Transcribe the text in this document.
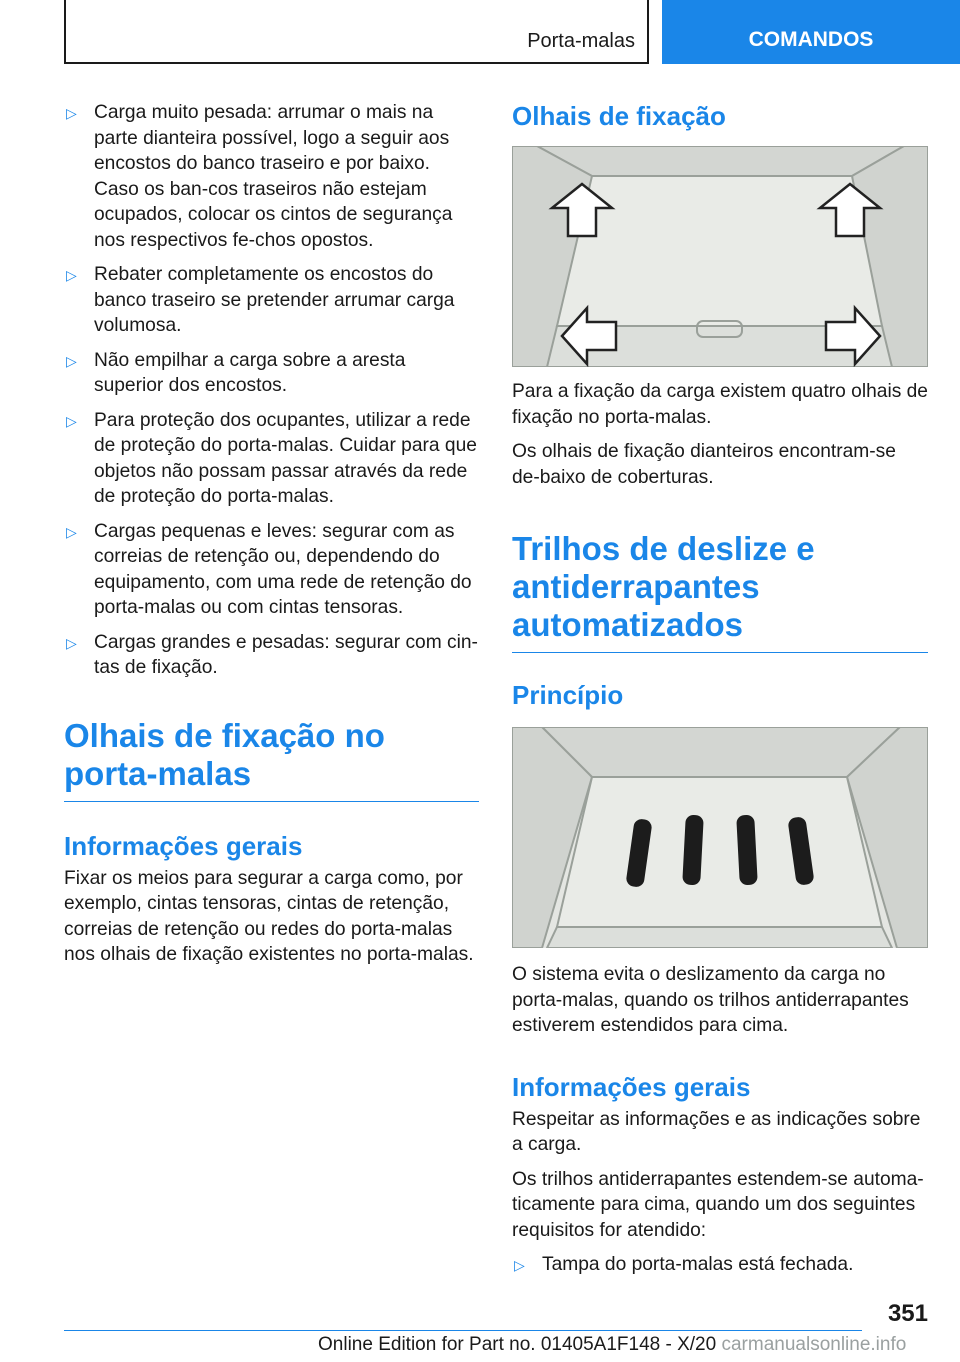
Porta-malas	COMANDOS
▷ Carga muito pesada: arrumar o mais na parte dianteira possível, logo a seguir aos encostos do banco traseiro e por baixo. Caso os ban-cos traseiros não estejam ocupados, colocar os cintos de segurança nos respectivos fe-chos opostos.
▷ Rebater completamente os encostos do banco traseiro se pretender arrumar carga volumosa.
▷ Não empilhar a carga sobre a aresta superior dos encostos.
▷ Para proteção dos ocupantes, utilizar a rede de proteção do porta-malas. Cuidar para que objetos não possam passar através da rede de proteção do porta-malas.
▷ Cargas pequenas e leves: segurar com as correias de retenção ou, dependendo do equipamento, com uma rede de retenção do porta-malas ou com cintas tensoras.
▷ Cargas grandes e pesadas: segurar com cin-tas de fixação.
Olhais de fixação no porta-malas
Informações gerais

Fixar os meios para segurar a carga como, por exemplo, cintas tensoras, cintas de retenção, correias de retenção ou redes do porta-malas nos olhais de fixação existentes no porta-malas.

Olhais de fixação

Para a fixação da carga existem quatro olhais de fixação no porta-malas.

Os olhais de fixação dianteiros encontram-se de-baixo de coberturas.

Trilhos de deslize e antiderrapantes automatizados
Princípio

O sistema evita o deslizamento da carga no porta-malas, quando os trilhos antiderrapantes estiverem estendidos para cima.

Informações gerais

Respeitar as informações e as indicações sobre a carga.

Os trilhos antiderrapantes estendem-se automa-ticamente para cima, quando um dos seguintes requisitos for atendido:

▷ Tampa do porta-malas está fechada.
351
Online Edition for Part no. 01405A1F148 - X/20 carmanualsonline.info
